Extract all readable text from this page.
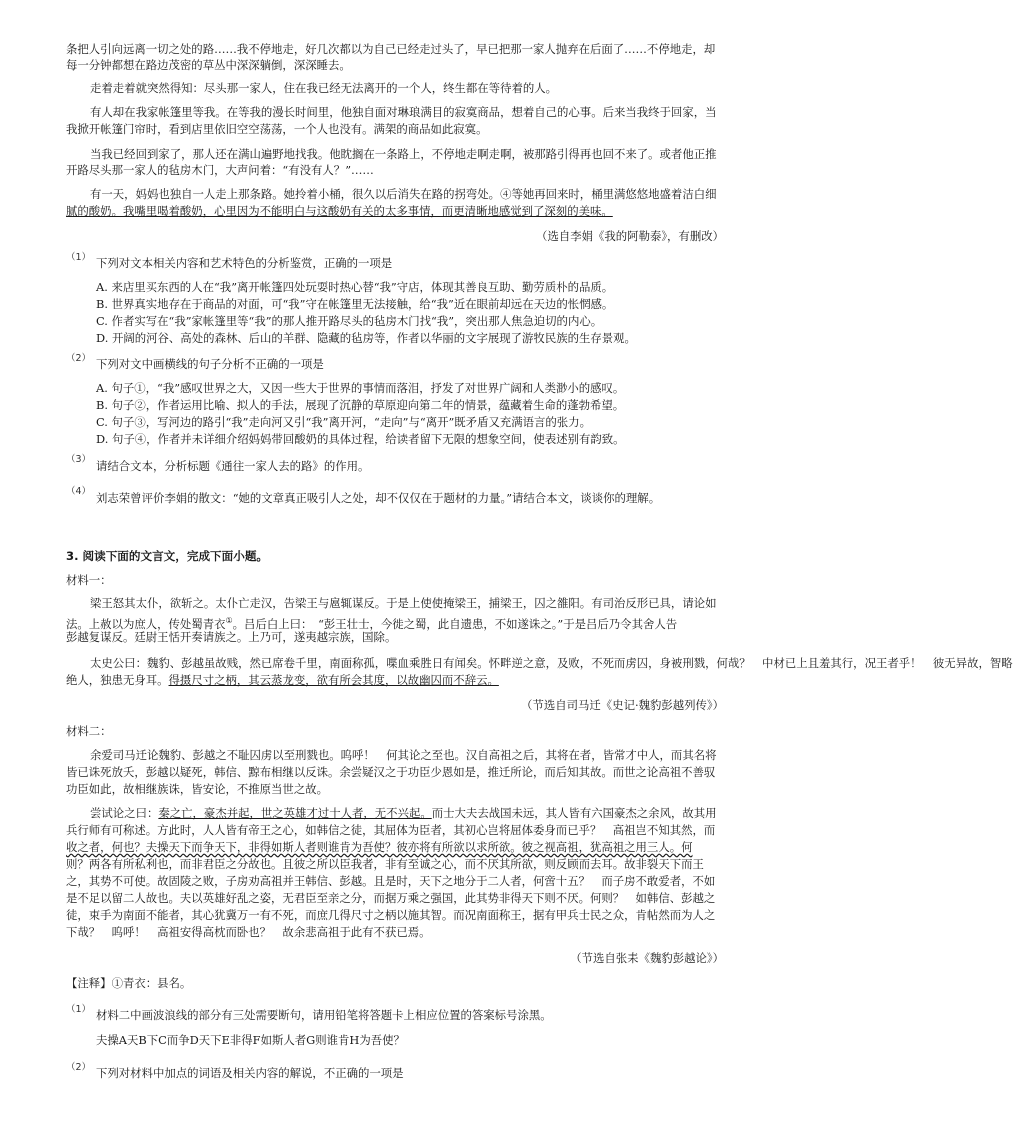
条把人引向远离一切之处的路……我不停地走，好几次都以为自己已经走过头了，早已把那一家人抛弃在后面了……不停地走，却
每一分钟都想在路边茂密的草丛中深深躺倒，深深睡去。
走着走着就突然得知：尽头那一家人，住在我已经无法离开的一个人，终生都在等待着的人。
有人却在我家帐篷里等我。在等我的漫长时间里，他独自面对琳琅满目的寂寞商品，想着自己的心事。后来当我终于回家，当
我掀开帐篷门帘时，看到店里依旧空空荡荡，一个人也没有。满架的商品如此寂寞。
当我已经回到家了，那人还在满山遍野地找我。他眈搁在一条路上，不停地走啊走啊，被那路引得再也回不来了。或者他正推
开路尽头那一家人的毡房木门，大声问着：“有没有人？”……
有一天，妈妈也独自一人走上那条路。她拎着小桶，很久以后消失在路的拐弯处。④等她再回来时，桶里满悠悠地盛着洁白细
腻的酸奶。我嘴里喝着酸奶，心里因为不能明白与这酸奶有关的太多事情，而更清晰地感觉到了深刻的美味。
（选自李娟《我的阿勒泰》，有删改）
（1） 下列对文本相关内容和艺术特色的分析鉴赏，正确的一项是
A. 来店里买东西的人在“我”离开帐篷四处玩耍时热心替“我”守店，体现其善良互助、勤劳质朴的品质。
B. 世界真实地存在于商品的对面，可“我”守在帐篷里无法接触，给“我”近在眼前却远在天边的怅惘感。
C. 作者实写在“我”家帐篷里等“我”的那人推开路尽头的毡房木门找“我”，突出那人焦急迫切的内心。
D. 开阔的河谷、高处的森林、后山的羊群、隐藏的毡房等，作者以华丽的文字展现了游牧民族的生存景观。
（2） 下列对文中画横线的句子分析不正确的一项是
A. 句子①，“我”感叹世界之大，又因一些大于世界的事情而落泪，抒发了对世界广阔和人类渺小的感叹。
B. 句子②，作者运用比喻、拟人的手法，展现了沉静的草原迎向第二年的情景，蕴藏着生命的蓬勃希望。
C. 句子③，写河边的路引“我”走向河又引“我”离开河，“走向”与“离开”既矛盾又充满语言的张力。
D. 句子④，作者并未详细介绍妈妈带回酸奶的具体过程，给读者留下无限的想象空间，使表述别有韵致。
（3） 请结合文本，分析标题《通往一家人去的路》的作用。
（4） 刘志荣曾评价李娟的散文：“她的文章真正吸引人之处，却不仅仅在于题材的力量。”请结合本文，谈谈你的理解。
3. 阅读下面的文言文，完成下面小题。
材料一：
梁王怒其太仆，欲斩之。太仆亡走汉，告梁王与扈辄谋反。于是上使使掩梁王，捕梁王，囚之雒阳。有司治反形已具，请论如
法。上赦以为庶人，传处蜀青衣①。吕后白上曰：　“彭王壮士，今徙之蜀，此自遗患，不如遂诛之。”于是吕后乃令其舍人告
彭越复谋反。廷尉王恬开奏请族之。上乃可，遂夷越宗族，国除。
太史公曰：魏豹、彭越虽故贱，然已席卷千里，南面称孤，喋血乘胜日有闻矣。怀畔逆之意，及败，不死而虏囚，身被刑戮，何哉？　中材已上且羞其行，况王者乎！　彼无异故，智略
绝人，独患无身耳。得摄尺寸之柄，其云蒸龙变，欲有所会其度，以故幽囚而不辞云。
（节选自司马迁《史记·魏豹彭越列传》）
材料二：
余爱司马迁论魏豹、彭越之不耻囚虏以至刑戮也。呜呼！　何其论之至也。汉自高祖之后，其将在者，皆常才中人，而其名将
皆已诛死放夭，彭越以疑死，韩信、黥布相继以反诛。余尝疑汉之于功臣少恩如是，推迁所论，而后知其故。而世之论高祖不善驭
功臣如此，故相继族诛，皆安论，不推原当世之故。
尝试论之曰：秦之亡，豪杰并起，世之英雄才过十人者，无不兴起。而士大夫去战国未远，其人皆有六国豪杰之余风，故其用
兵行师有可称述。方此时，人人皆有帝王之心，如韩信之徒，其屈体为臣者，其初心岂将屈体委身而已乎？　高祖岂不知其然，而
收之者，何也？夫操天下而争天下，非得如斯人者则谁肯为吾使？彼亦将有所欲以求所欲。彼之视高祖，犹高祖之用三人。何
则？两各有所私利也，而非君臣之分故也。且彼之所以臣我者，非有至诚之心，而不厌其所欲，则反顾而去耳。故非裂天下而王
之，其势不可使。故固陵之败，子房劝高祖并王韩信、彭越。且是时，天下之地分于二人者，何啻十五？　而子房不敢爱者，不如
是不足以留二人故也。夫以英雄好乱之姿，无君臣至亲之分，而据万乘之强国，此其势非得天下则不厌。何则？　如韩信、彭越之
徒，束手为南面不能者，其心犹冀万一有不死，而庶几得尺寸之柄以施其智。而况南面称王，据有甲兵士民之众，肯帖然而为人之
下哉？　呜呼！　高祖安得高枕而卧也？　故余悲高祖于此有不获已焉。
（节选自张耒《魏豹彭越论》）
【注释】①青衣：县名。
（1） 材料二中画波浪线的部分有三处需要断句，请用铅笔将答题卡上相应位置的答案标号涂黑。
夫操A天B下C而争D天下E非得F如斯人者G则谁肯H为吾使？
（2） 下列对材料中加点的词语及相关内容的解说，不正确的一项是
